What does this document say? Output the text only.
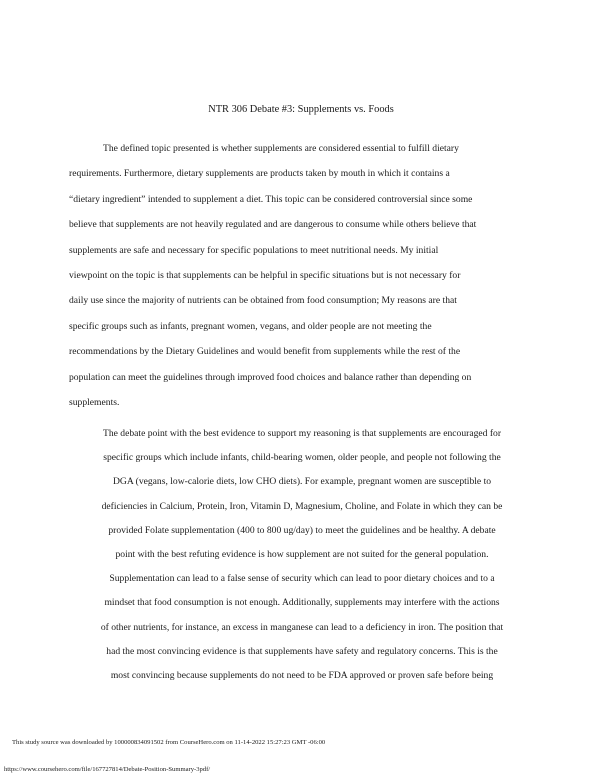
NTR 306 Debate #3: Supplements vs. Foods

The defined topic presented is whether supplements are considered essential to fulfill dietary
requirements. Furthermore, dietary supplements are products taken by mouth in which it contains a
“dietary ingredient” intended to supplement a diet. This topic can be considered controversial since some
believe that supplements are not heavily regulated and are dangerous to consume while others believe that
supplements are safe and necessary for specific populations to meet nutritional needs. My initial
viewpoint on the topic is that supplements can be helpful in specific situations but is not necessary for
daily use since the majority of nutrients can be obtained from food consumption; My reasons are that
specific groups such as infants, pregnant women, vegans, and older people are not meeting the
recommendations by the Dietary Guidelines and would benefit from supplements while the rest of the
population can meet the guidelines through improved food choices and balance rather than depending on
supplements.

The debate point with the best evidence to support my reasoning is that supplements are encouraged for
specific groups which include infants, child-bearing women, older people, and people not following the
DGA (vegans, low-calorie diets, low CHO diets). For example, pregnant women are susceptible to
deficiencies in Calcium, Protein, Iron, Vitamin D, Magnesium, Choline, and Folate in which they can be
provided Folate supplementation (400 to 800 ug/day) to meet the guidelines and be healthy. A debate
point with the best refuting evidence is how supplement are not suited for the general population.
Supplementation can lead to a false sense of security which can lead to poor dietary choices and to a
mindset that food consumption is not enough. Additionally, supplements may interfere with the actions
of other nutrients, for instance, an excess in manganese can lead to a deficiency in iron. The position that
had the most convincing evidence is that supplements have safety and regulatory concerns. This is the
most convincing because supplements do not need to be FDA approved or proven safe before being

This study source was downloaded by 100000834091502 from CourseHero.com on 11-14-2022 15:27:23 GMT -06:00
https://www.coursehero.com/file/167727814/Debate-Position-Summary-3pdf/
